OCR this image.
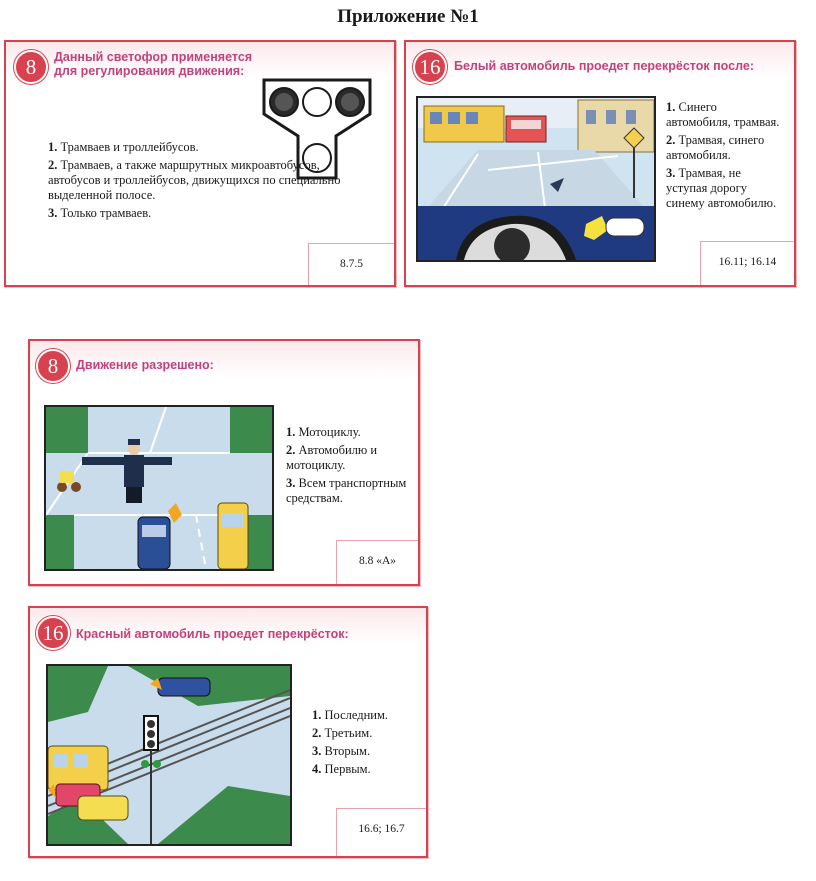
Приложение №1
8	Данный светофор применяется для регулирования движения:
1. Трамваев и троллейбусов.
2. Трамваев, а также маршрутных микроавтобусов, автобусов и троллейбусов, движущихся по специально выделенной полосе.
3. Только трамваев.
8.7.5
16	Белый автомобиль проедет перекрёсток после:
1. Синего автомобиля, трамвая.
2. Трамвая, синего автомобиля.
3. Трамвая, не уступая дорогу синему автомобилю.
16.11; 16.14
8	Движение разрешено:
1. Мотоциклу.
2. Автомобилю и мотоциклу.
3. Всем транспортным средствам.
8.8 «А»
16	Красный автомобиль проедет перекрёсток:
1. Последним.
2. Третьим.
3. Вторым.
4. Первым.
16.6; 16.7
